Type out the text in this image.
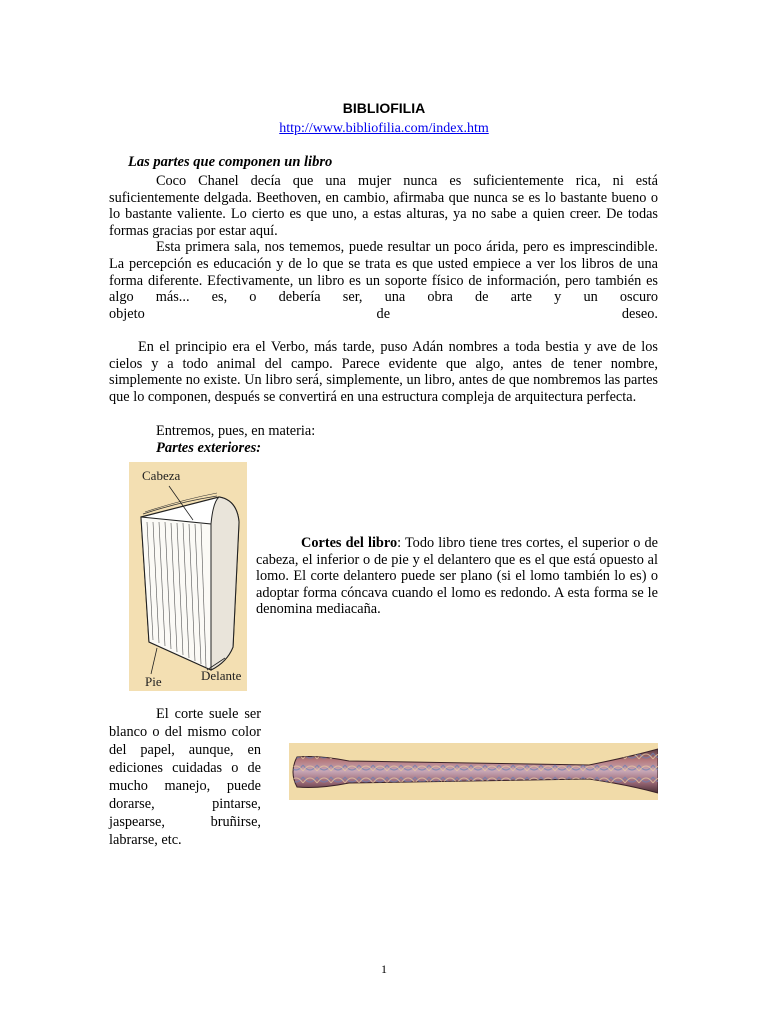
BIBLIOFILIA
http://www.bibliofilia.com/index.htm
Las partes que componen un libro

Coco Chanel decía que una mujer nunca es suficientemente rica, ni está suficientemente delgada. Beethoven, en cambio, afirmaba que nunca se es lo bastante bueno o lo bastante valiente. Lo cierto es que uno, a estas alturas, ya no sabe a quien creer. De todas formas gracias por estar aquí.

Esta primera sala, nos tememos, puede resultar un poco árida, pero es imprescindible. La percepción es educación y de lo que se trata es que usted empiece a ver los libros de una forma diferente. Efectivamente, un libro es un soporte físico de información, pero también es algo más... es, o debería ser, una obra de arte y un oscuro

objeto	de	deseo.

En el principio era el Verbo, más tarde, puso Adán nombres a toda bestia y ave de los cielos y a todo animal del campo. Parece evidente que algo, antes de tener nombre, simplemente no existe. Un libro será, simplemente, un libro, antes de que nombremos las partes que lo componen, después se convertirá en una estructura compleja de arquitectura perfecta.

Entremos, pues, en materia:
Partes exteriores:
Cabeza
Pie	Delante

Cortes del libro: Todo libro tiene tres cortes, el superior o de cabeza, el inferior o de pie y el delantero que es el que está opuesto al lomo. El corte delantero puede ser plano (si el lomo también lo es) o adoptar forma cóncava cuando el lomo es redondo. A esta forma se le denomina mediacaña.

El corte suele ser blanco o del mismo color del papel, aunque, en ediciones cuidadas o de mucho manejo, puede dorarse, pintarse, jaspearse, bruñirse, labrarse, etc.

1
